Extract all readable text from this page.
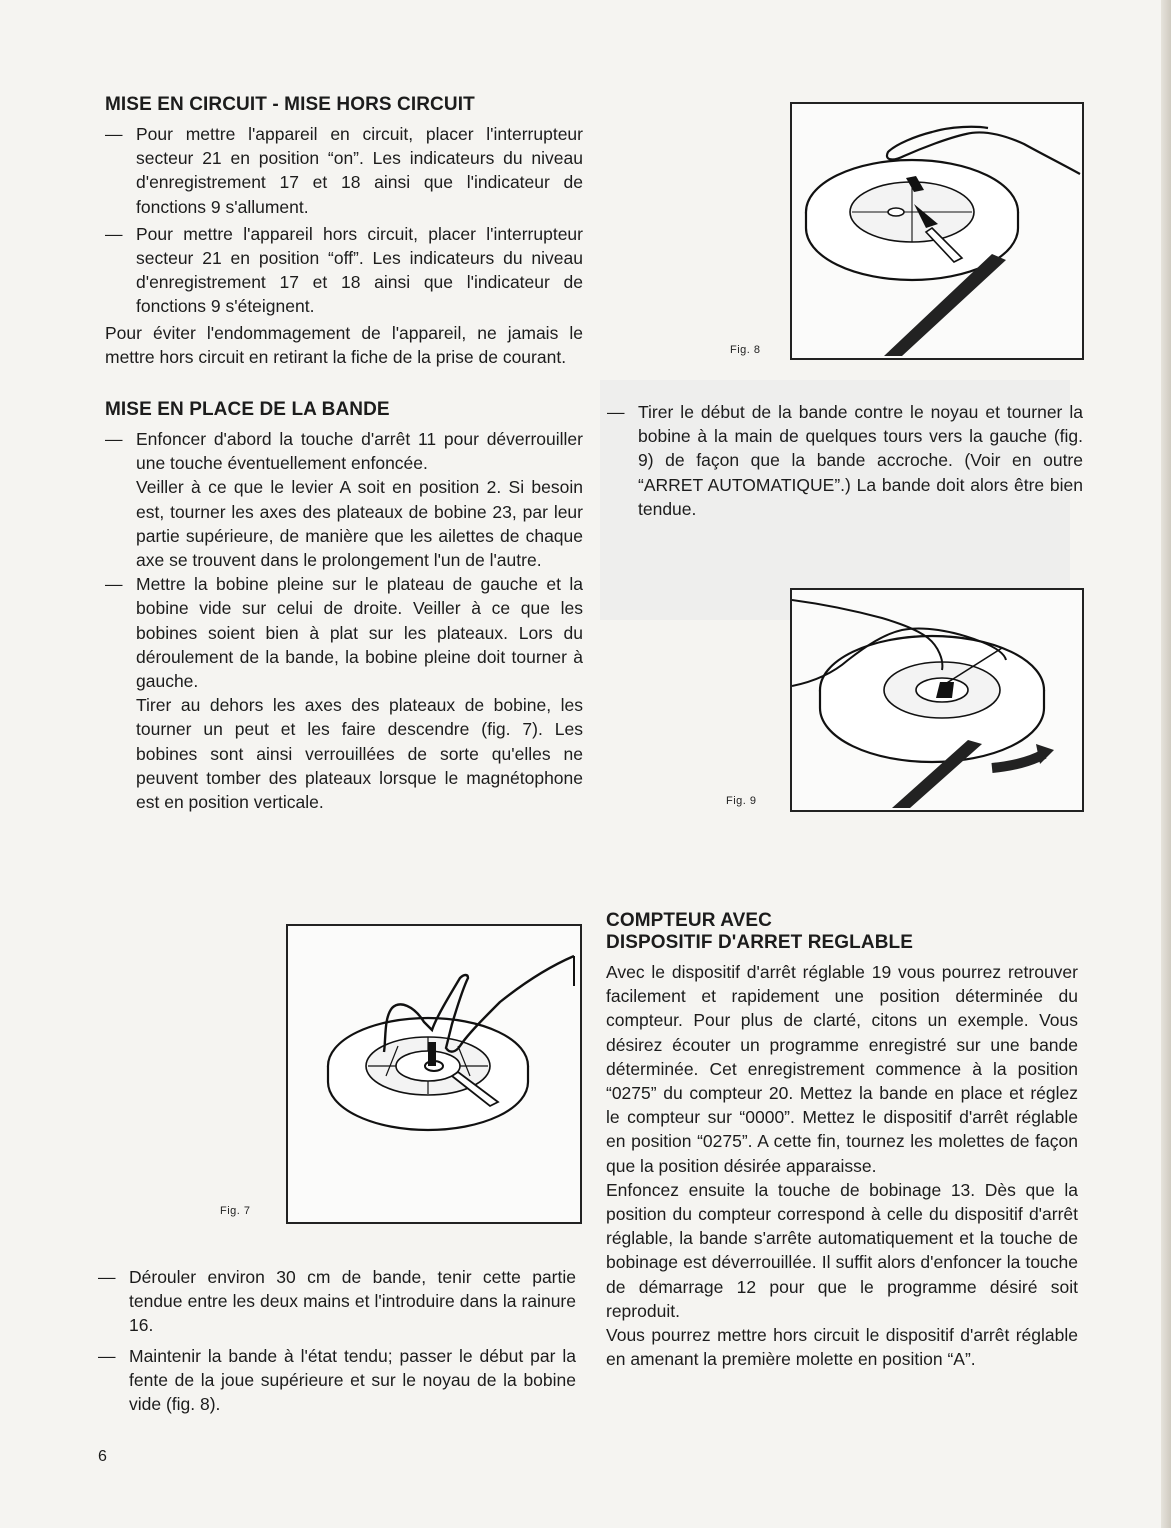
MISE EN CIRCUIT - MISE HORS CIRCUIT

— Pour mettre l'appareil en circuit, placer l'interrupteur secteur 21 en position “on”. Les indicateurs du niveau d'enregistrement 17 et 18 ainsi que l'indicateur de fonctions 9 s'allument.

— Pour mettre l'appareil hors circuit, placer l'interrupteur secteur 21 en position “off”. Les indicateurs du niveau d'enregistrement 17 et 18 ainsi que l'indicateur de fonctions 9 s'éteignent.

Pour éviter l'endommagement de l'appareil, ne jamais le mettre hors circuit en retirant la fiche de la prise de courant.

MISE EN PLACE DE LA BANDE

— Enfoncer d'abord la touche d'arrêt 11 pour déverrouiller une touche éventuellement enfoncée.

Veiller à ce que le levier A soit en position 2. Si besoin est, tourner les axes des plateaux de bobine 23, par leur partie supérieure, de manière que les ailettes de chaque axe se trouvent dans le prolongement l'un de l'autre.

— Mettre la bobine pleine sur le plateau de gauche et la bobine vide sur celui de droite. Veiller à ce que les bobines soient bien à plat sur les plateaux. Lors du déroulement de la bande, la bobine pleine doit tourner à gauche.

Tirer au dehors les axes des plateaux de bobine, les tourner un peut et les faire descendre (fig. 7). Les bobines sont ainsi verrouillées de sorte qu'elles ne peuvent tomber des plateaux lorsque le magnétophone est en position verticale.

Fig. 7

— Dérouler environ 30 cm de bande, tenir cette partie tendue entre les deux mains et l'introduire dans la rainure 16.

— Maintenir la bande à l'état tendu; passer le début par la fente de la joue supérieure et sur le noyau de la bobine vide (fig. 8).

Fig. 8

— Tirer le début de la bande contre le noyau et tourner la bobine à la main de quelques tours vers la gauche (fig. 9) de façon que la bande accroche. (Voir en outre “ARRET AUTOMATIQUE”.) La bande doit alors être bien tendue.

Fig. 9
COMPTEUR AVEC
DISPOSITIF D'ARRET REGLABLE

Avec le dispositif d'arrêt réglable 19 vous pourrez retrouver facilement et rapidement une position déterminée du compteur. Pour plus de clarté, citons un exemple. Vous désirez écouter un programme enregistré sur une bande déterminée. Cet enregistrement commence à la position “0275” du compteur 20. Mettez la bande en place et réglez le compteur sur “0000”. Mettez le dispositif d'arrêt réglable en position “0275”. A cette fin, tournez les molettes de façon que la position désirée apparaisse.

Enfoncez ensuite la touche de bobinage 13. Dès que la position du compteur correspond à celle du dispositif d'arrêt réglable, la bande s'arrête automatiquement et la touche de bobinage est déverrouillée. Il suffit alors d'enfoncer la touche de démarrage 12 pour que le programme désiré soit reproduit.

Vous pourrez mettre hors circuit le dispositif d'arrêt réglable en amenant la première molette en position “A”.

6
